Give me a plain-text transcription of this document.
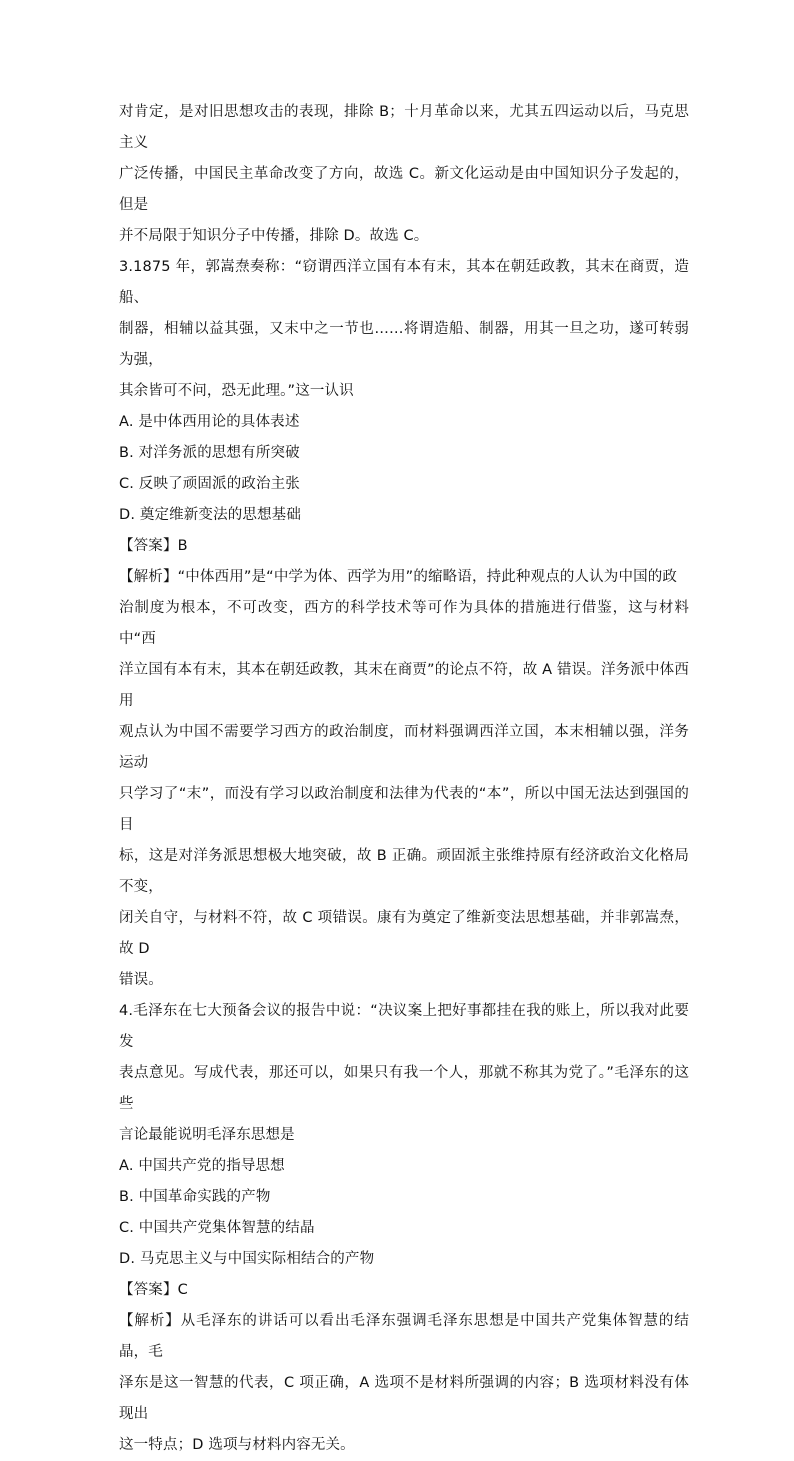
对肯定，是对旧思想攻击的表现，排除 B；十月革命以来，尤其五四运动以后，马克思主义

广泛传播，中国民主革命改变了方向，故选 C。新文化运动是由中国知识分子发起的，但是

并不局限于知识分子中传播，排除 D。故选 C。

3.1875 年，郭嵩焘奏称：“窃谓西洋立国有本有末，其本在朝廷政教，其末在商贾，造船、

制器，相辅以益其强，又末中之一节也……将谓造船、制器，用其一旦之功，遂可转弱为强，

其余皆可不问，恐无此理。”这一认识

A. 是中体西用论的具体表述

B. 对洋务派的思想有所突破

C. 反映了顽固派的政治主张

D. 奠定维新变法的思想基础

【答案】B

【解析】“中体西用”是“中学为体、西学为用”的缩略语，持此种观点的人认为中国的政

治制度为根本，不可改变，西方的科学技术等可作为具体的措施进行借鉴，这与材料中“西

洋立国有本有末，其本在朝廷政教，其末在商贾”的论点不符，故 A 错误。洋务派中体西用

观点认为中国不需要学习西方的政治制度，而材料强调西洋立国，本末相辅以强，洋务运动

只学习了“末”，而没有学习以政治制度和法律为代表的“本”，所以中国无法达到强国的目

标，这是对洋务派思想极大地突破，故 B 正确。顽固派主张维持原有经济政治文化格局不变，

闭关自守，与材料不符，故 C 项错误。康有为奠定了维新变法思想基础，并非郭嵩焘，故 D

错误。

4.毛泽东在七大预备会议的报告中说：“决议案上把好事都挂在我的账上，所以我对此要发

表点意见。写成代表，那还可以，如果只有我一个人，那就不称其为党了。”毛泽东的这些

言论最能说明毛泽东思想是

A. 中国共产党的指导思想

B. 中国革命实践的产物

C. 中国共产党集体智慧的结晶

D. 马克思主义与中国实际相结合的产物

【答案】C

【解析】从毛泽东的讲话可以看出毛泽东强调毛泽东思想是中国共产党集体智慧的结晶，毛

泽东是这一智慧的代表，C 项正确，A 选项不是材料所强调的内容；B 选项材料没有体现出

这一特点；D 选项与材料内容无关。
